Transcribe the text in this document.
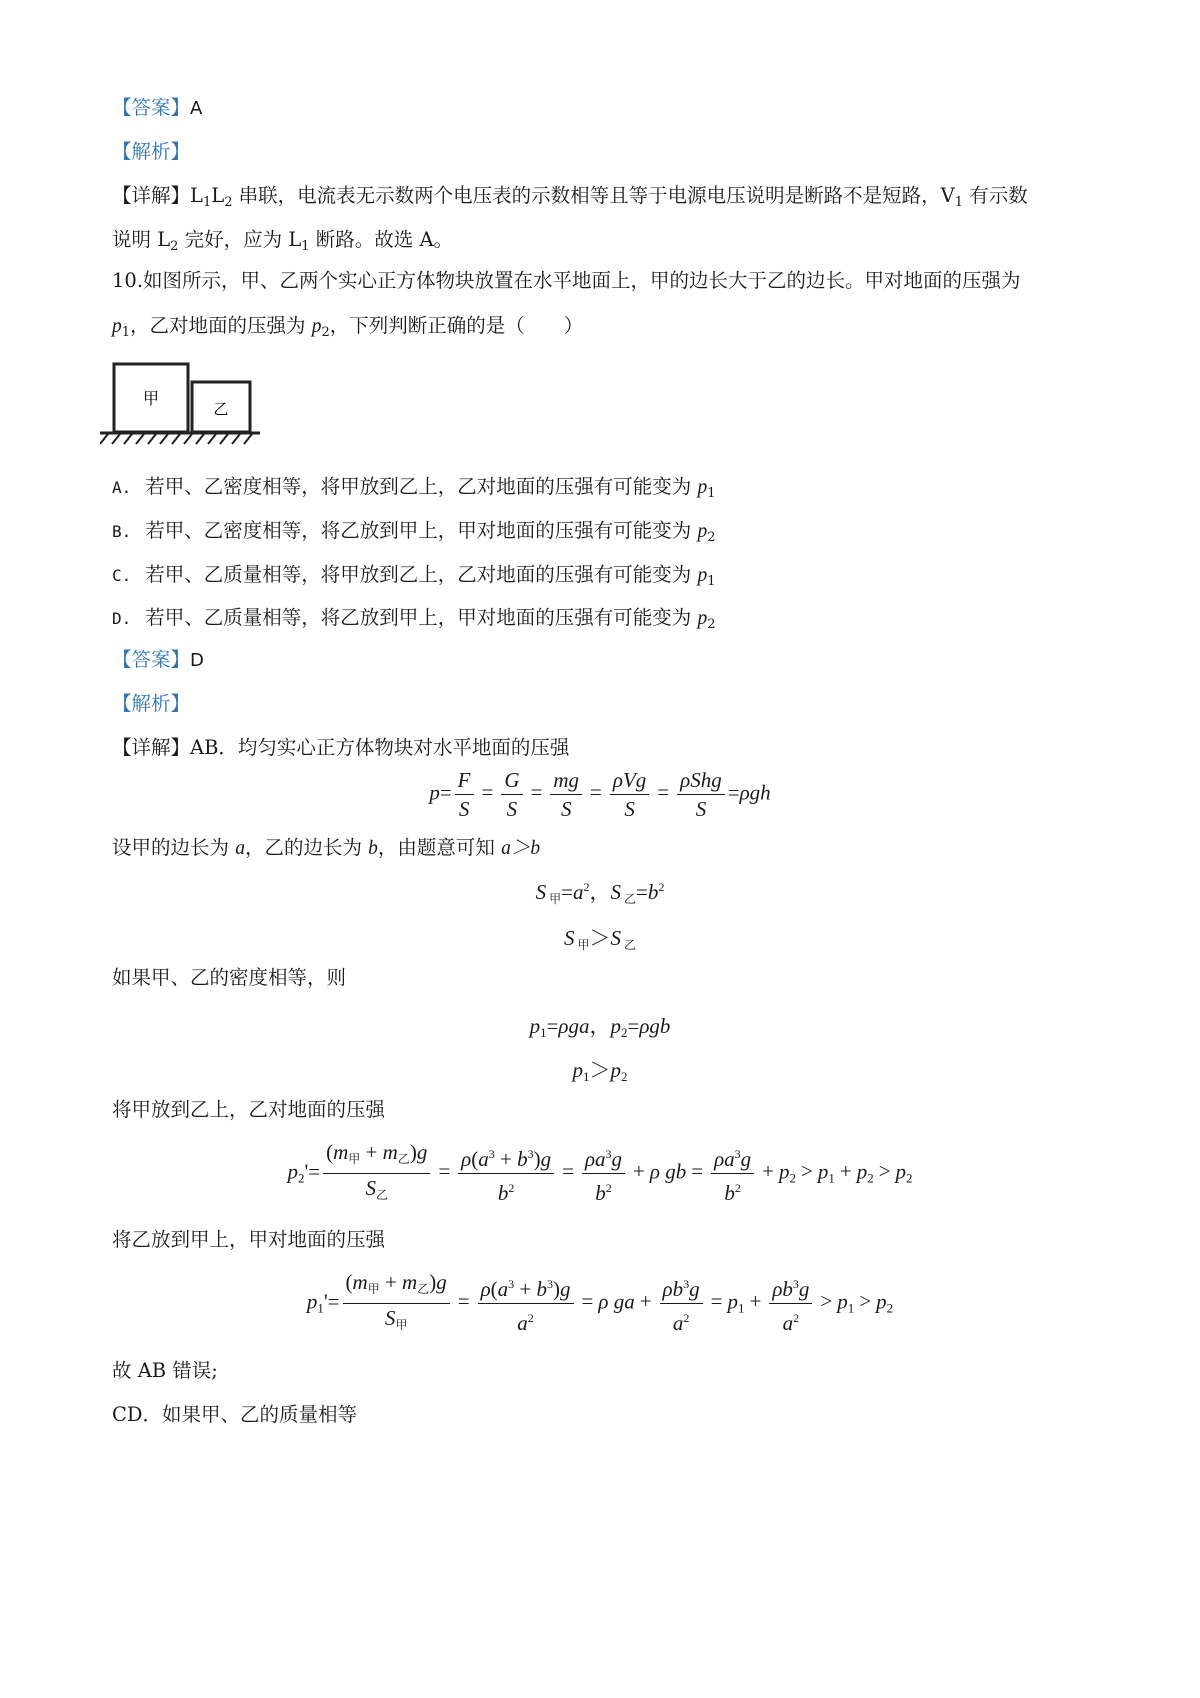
【答案】A
【解析】
【详解】$L_1L_2$ 串联，电流表无示数两个电压表的示数相等且等于电源电压说明是断路不是短路，$V_1$ 有示数
说明 $L_2$ 完好，应为 $L_1$ 断路。故选 A。
10.如图所示，甲、乙两个实心正方体物块放置在水平地面上，甲的边长大于乙的边长。甲对地面的压强为
$p_1$，乙对地面的压强为 $p_2$，下列判断正确的是（　　）
甲
乙
A. 若甲、乙密度相等，将甲放到乙上，乙对地面的压强有可能变为 $p_1$
B. 若甲、乙密度相等，将乙放到甲上，甲对地面的压强有可能变为 $p_2$
C. 若甲、乙质量相等，将甲放到乙上，乙对地面的压强有可能变为 $p_1$
D. 若甲、乙质量相等，将乙放到甲上，甲对地面的压强有可能变为 $p_2$
【答案】D
【解析】
【详解】AB．均匀实心正方体物块对水平地面的压强
$p= \frac{F}{S} = \frac{G}{S} = \frac{mg}{S}$ =
ρVg
S
=
ρShg
S
=ρgh
设甲的边长为 a，乙的边长为 b，由题意可知 a＞b
S $_甲=a^2$，S $_乙=b^2$
S $_甲$＞S $_乙$
如果甲、乙的密度相等，则
$p_1=\rho ga$，$p_2=\rho gb$
$p_1>p_2$
将甲放到乙上，乙对地面的压强
$p_2'=$
$(m_甲 + m_乙)g$
$S_乙$
= $\frac{\rho(a^3 + b^3)g}{b^2} = \frac{\rho a^3g}{b^2} + \rho$ gb = $\frac{\rho a^3g}{b^2} + p_2 > p_1 + p_2 > p_2$
将乙放到甲上，甲对地面的压强
$p_1'=$
$(m_甲 + m_乙)g$
$S_甲$
= $\frac{\rho(a^3 + b^3)g}{a^2} = \rho$ ga + $\frac{\rho b^3g}{a^2} = p_1 + \frac{\rho b^3g}{a^2} > p_1 > p_2$
故 AB 错误;
CD．如果甲、乙的质量相等
